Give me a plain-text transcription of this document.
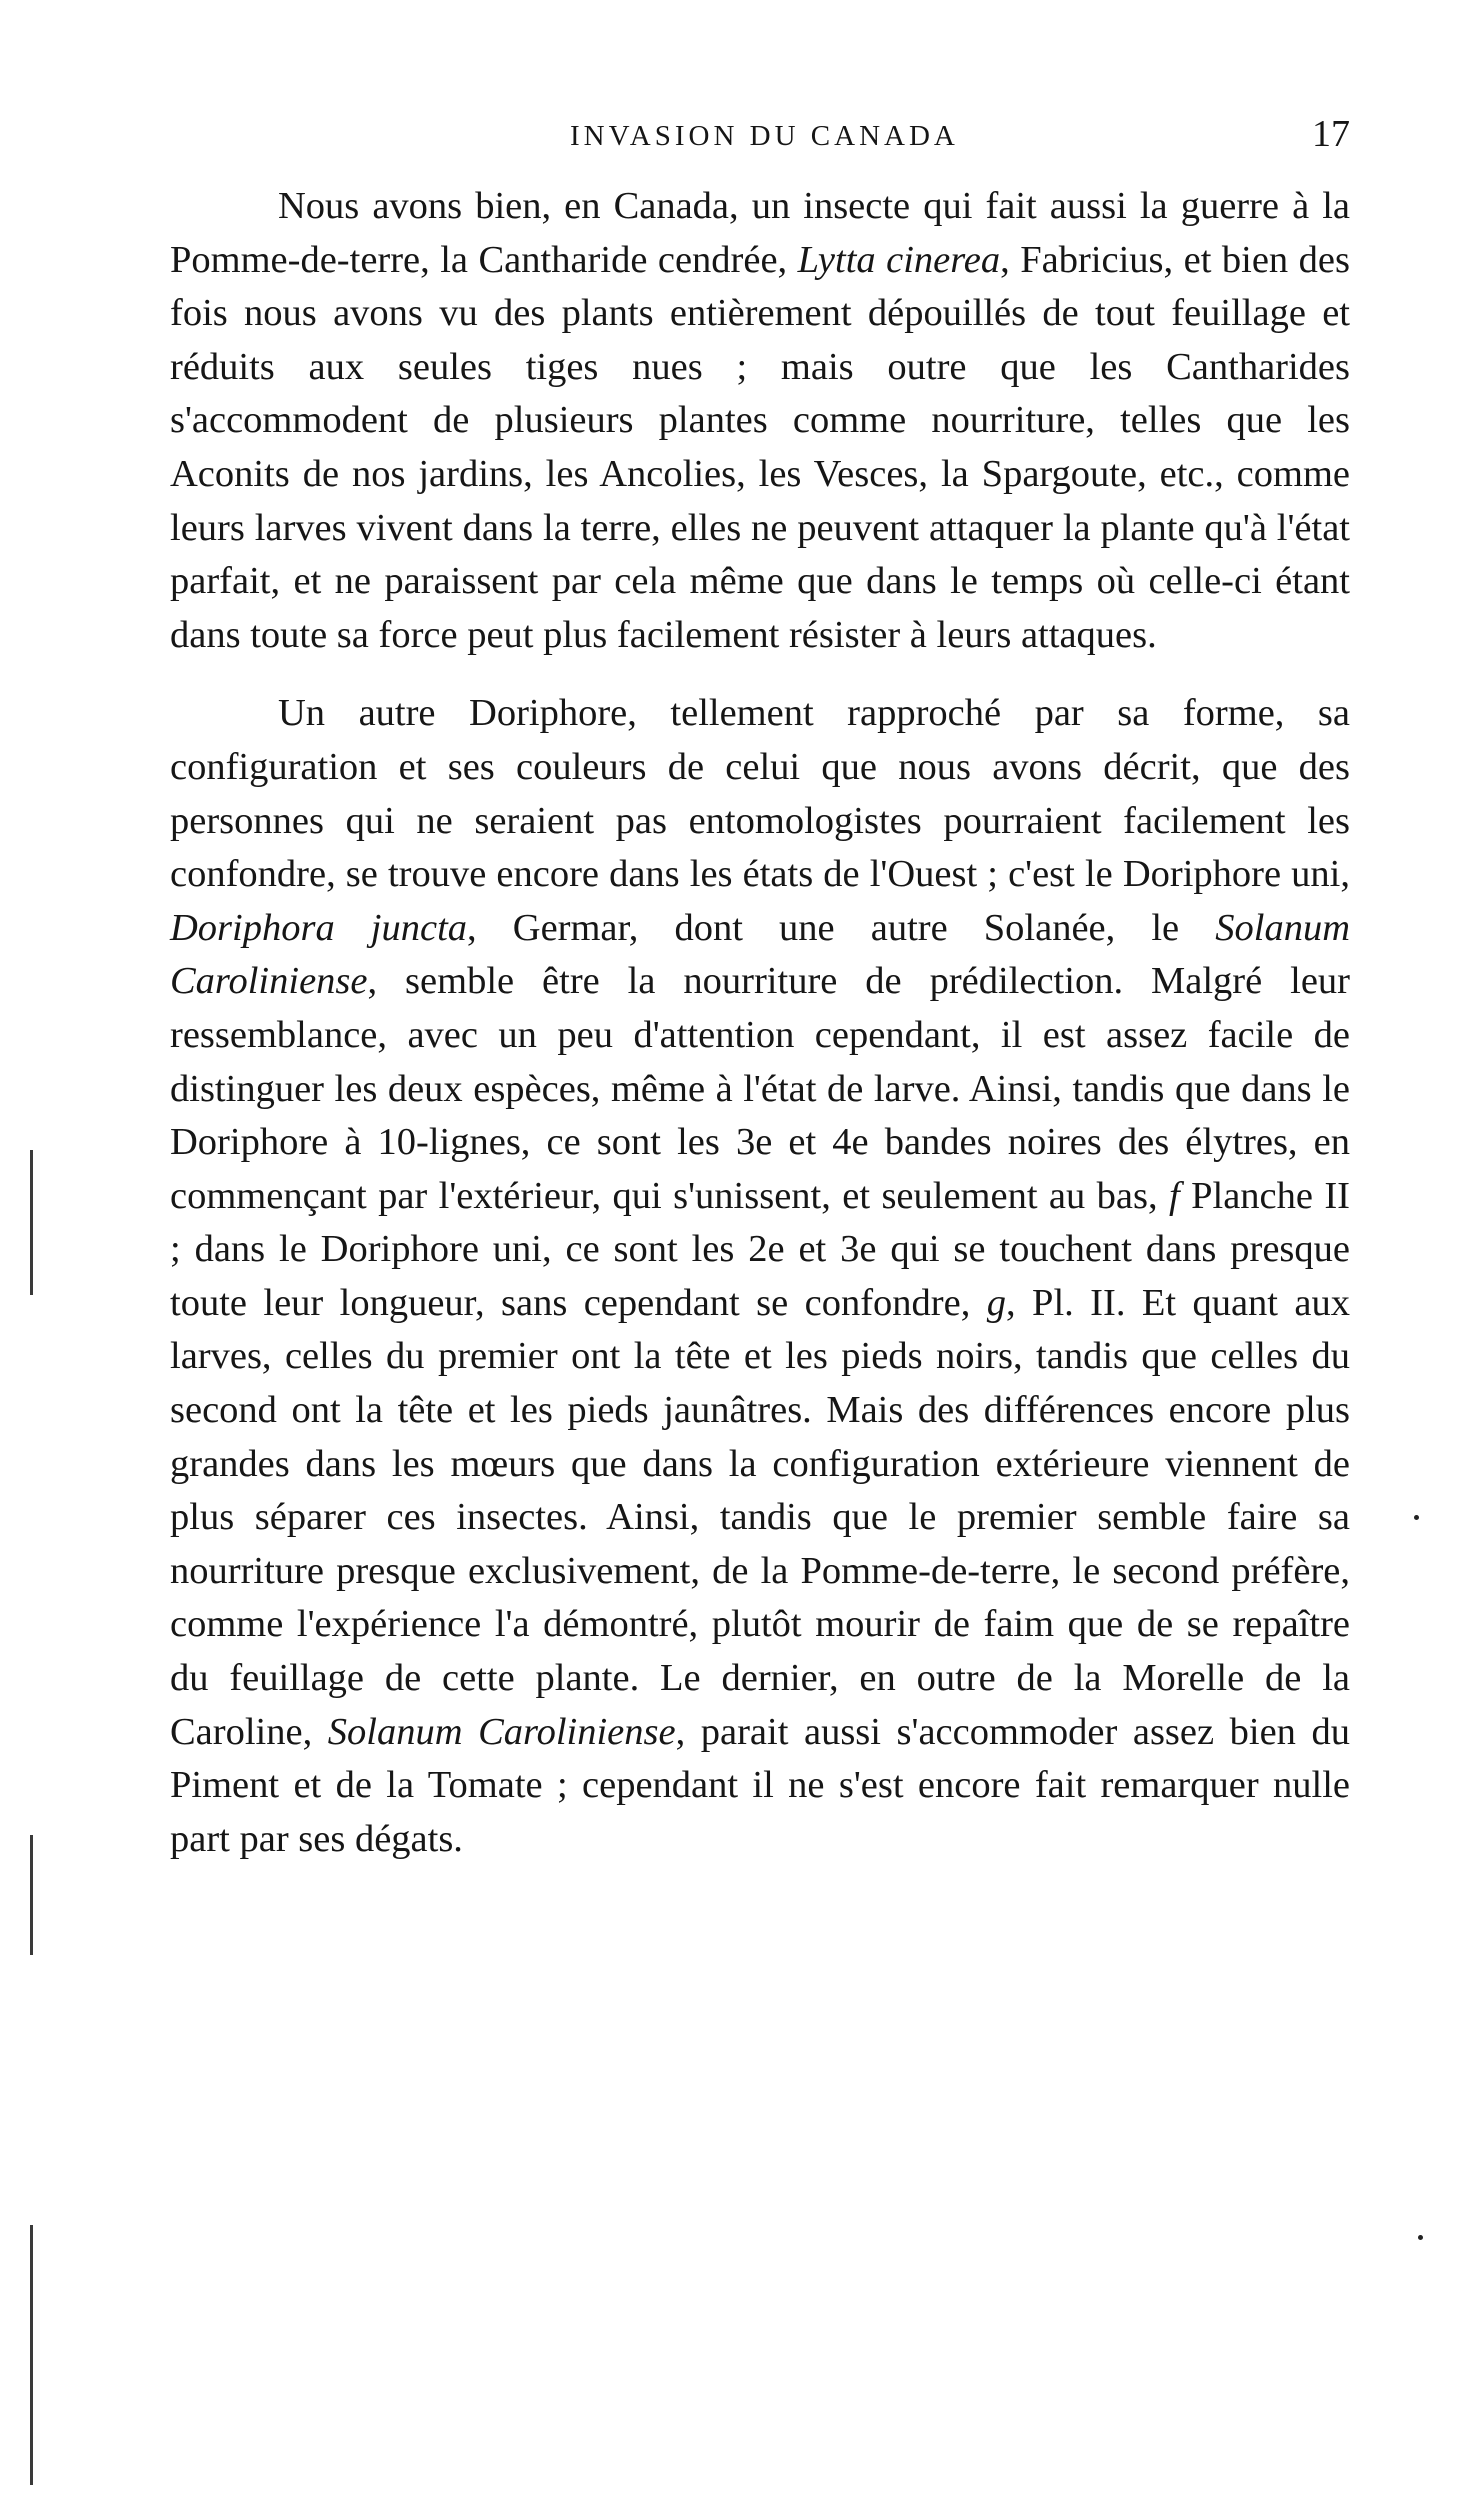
INVASION DU CANADA	17

Nous avons bien, en Canada, un insecte qui fait aussi la guerre à la Pomme-de-terre, la Cantharide cendrée, Lytta cinerea, Fabricius, et bien des fois nous avons vu des plants entièrement dépouillés de tout feuillage et réduits aux seules tiges nues ; mais outre que les Cantharides s'accommodent de plusieurs plantes comme nourriture, telles que les Aconits de nos jardins, les Ancolies, les Vesces, la Spargoute, etc., comme leurs larves vivent dans la terre, elles ne peuvent attaquer la plante qu'à l'état parfait, et ne paraissent par cela même que dans le temps où celle-ci étant dans toute sa force peut plus facilement résister à leurs attaques.

Un autre Doriphore, tellement rapproché par sa forme, sa configuration et ses couleurs de celui que nous avons décrit, que des personnes qui ne seraient pas entomologistes pourraient facilement les confondre, se trouve encore dans les états de l'Ouest ; c'est le Doriphore uni, Doriphora juncta, Germar, dont une autre Solanée, le Solanum Caroliniense, semble être la nourriture de prédilection. Malgré leur ressemblance, avec un peu d'attention cependant, il est assez facile de distinguer les deux espèces, même à l'état de larve. Ainsi, tandis que dans le Doriphore à 10-lignes, ce sont les 3e et 4e bandes noires des élytres, en commençant par l'extérieur, qui s'unissent, et seulement au bas, f Planche II ; dans le Doriphore uni, ce sont les 2e et 3e qui se touchent dans presque toute leur longueur, sans cependant se confondre, g, Pl. II. Et quant aux larves, celles du premier ont la tête et les pieds noirs, tandis que celles du second ont la tête et les pieds jaunâtres. Mais des différences encore plus grandes dans les mœurs que dans la configuration extérieure viennent de plus séparer ces insectes. Ainsi, tandis que le premier semble faire sa nourriture presque exclusivement, de la Pomme-de-terre, le second préfère, comme l'expérience l'a démontré, plutôt mourir de faim que de se repaître du feuillage de cette plante. Le dernier, en outre de la Morelle de la Caroline, Solanum Caroliniense, parait aussi s'accommoder assez bien du Piment et de la Tomate ; cependant il ne s'est encore fait remarquer nulle part par ses dégats.
